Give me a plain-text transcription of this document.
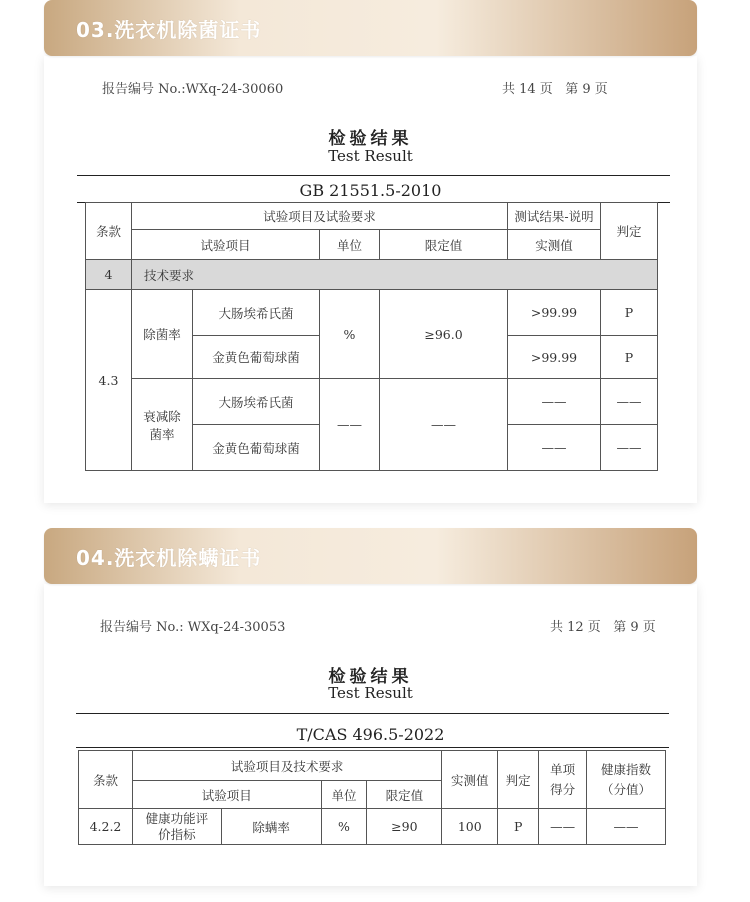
报告编号 No.:WXq-24-30060	共 14 页   第 9 页
检验结果
Test Result
GB 21551.5-2010
条款	试验项目及试验要求				测试结果-说明	判定
	试验项目		单位	限定值	实测值	
4	技术要求					
4.3	除菌率	大肠埃希氏菌	%	≥96.0	>99.99	P
		金黄色葡萄球菌			>99.99	P
	衰减除菌率	大肠埃希氏菌	——	——	——	——
		金黄色葡萄球菌			——	——
03.洗衣机除菌证书
报告编号 No.: WXq-24-30053	共 12 页   第 9 页
检验结果
Test Result
T/CAS 496.5-2022
条款	试验项目及技术要求				实测值	判定	单项得分	健康指数（分值）
	试验项目		单位	限定值				
4.2.2	健康功能评价指标	除螨率	%	≥90	100	P	——	——
04.洗衣机除螨证书
